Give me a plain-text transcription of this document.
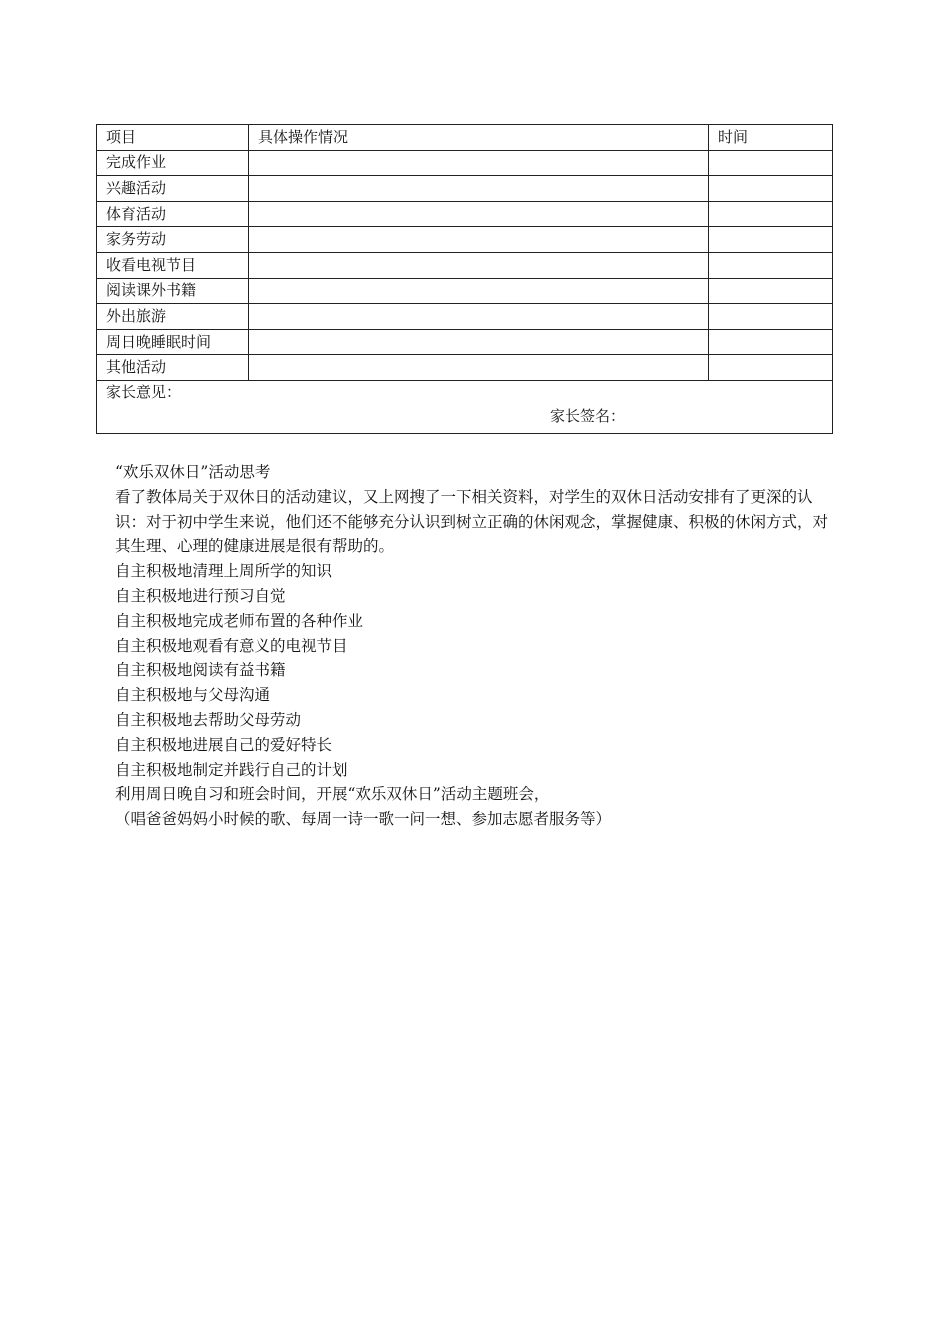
项目	具体操作情况	时间
完成作业		
兴趣活动		
体育活动		
家务劳动		
收看电视节目		
阅读课外书籍		
外出旅游		
周日晚睡眠时间		
其他活动		
家长意见：
家长签名：		

“欢乐双休日”活动思考

看了教体局关于双休日的活动建议，又上网搜了一下相关资料，对学生的双休日活动安排有了更深的认识：对于初中学生来说，他们还不能够充分认识到树立正确的休闲观念，掌握健康、积极的休闲方式，对其生理、心理的健康进展是很有帮助的。

自主积极地清理上周所学的知识

自主积极地进行预习自觉

自主积极地完成老师布置的各种作业

自主积极地观看有意义的电视节目

自主积极地阅读有益书籍

自主积极地与父母沟通

自主积极地去帮助父母劳动

自主积极地进展自己的爱好特长

自主积极地制定并践行自己的计划

利用周日晚自习和班会时间，开展“欢乐双休日”活动主题班会，

（唱爸爸妈妈小时候的歌、每周一诗一歌一问一想、参加志愿者服务等）
